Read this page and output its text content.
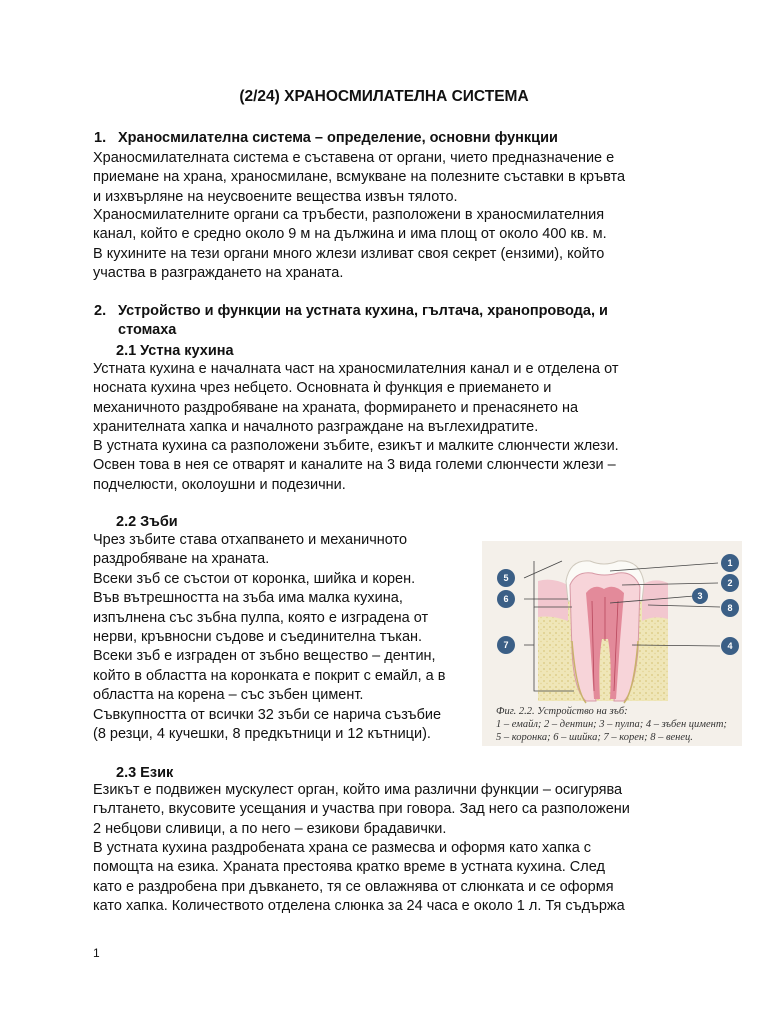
(2/24) ХРАНОСМИЛАТЕЛНА СИСТЕМА
1. Храносмилателна система – определение, основни функции
Храносмилателната система е съставена от органи, чието предназначение е
приемане на храна, храносмилане, всмукване на полезните съставки в кръвта
и изхвърляне на неусвоените вещества извън тялото.
Храносмилателните органи са тръбести, разположени в храносмилателния
канал, който е средно около 9 м на дължина и има площ от около 400 кв. м.
В кухините на тези органи много жлези изливат своя секрет (ензими), който
участва в разграждането на храната.
2. Устройство и функции на устната кухина, гълтача, хранопровода, и
стомаха
2.1 Устна кухина
Устната кухина е началната част на храносмилателния канал и е отделена от
носната кухина чрез небцето. Основната ѝ функция е приемането и
механичното раздробяване на храната, формирането и пренасянето на
хранителната хапка и началното разграждане на въглехидратите.
В устната кухина са разположени зъбите, езикът и малките слюнчести жлези.
Освен това в нея се отварят и каналите на 3 вида големи слюнчести жлези –
подчелюсти, околоушни и подезични.
2.2 Зъби
Чрез зъбите става отхапването и механичното
раздробяване на храната.
Всеки зъб се състои от коронка, шийка и корен.
Във вътрешността на зъба има малка кухина,
изпълнена със зъбна пулпа, която е изградена от
нерви, кръвносни съдове и съединителна тъкан.
Всеки зъб е изграден от зъбно вещество – дентин,
който в областта на коронката е покрит с емайл, а в
областта на корена – със зъбен цимент.
Съвкупността от всички 32 зъби се нарича съзъбие
(8 резци, 4 кучешки, 8 предкътници и 12 кътници).
1
2
3
8
5
6
7	4
Фиг. 2.2. Устройство на зъб:
1 – емайл; 2 – дентин; 3 – пулпа; 4 – зъбен цимент;
5 – коронка; 6 – шийка; 7 – корен; 8 – венец.
2.3 Език
Езикът е подвижен мускулест орган, който има различни функции – осигурява
гълтането, вкусовите усещания и участва при говора. Зад него са разположени
2 небцови сливици, а по него – езикови брадавички.
В устната кухина раздробената храна се размесва и оформя като хапка с
помощта на езика. Храната престоява кратко време в устната кухина. След
като е раздробена при дъвкането, тя се овлажнява от слюнката и се оформя
като хапка. Количеството отделена слюнка за 24 часа е около 1 л. Тя съдържа
1
